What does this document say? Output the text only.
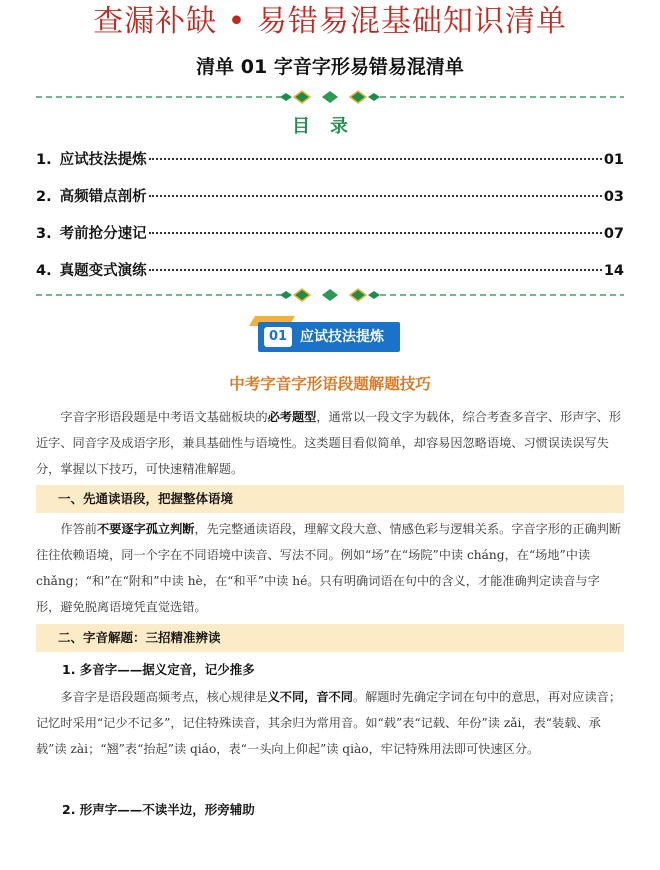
查漏补缺 • 易错易混基础知识清单
清单 01 字音字形易错易混清单
目录
1. 应试技法提炼	01
2. 高频错点剖析	03
3. 考前抢分速记	07
4. 真题变式演练	14
01 应试技法提炼
中考字音字形语段题解题技巧

字音字形语段题是中考语文基础板块的必考题型，通常以一段文字为载体，综合考查多音字、形声字、形近字、同音字及成语字形，兼具基础性与语境性。这类题目看似简单，却容易因忽略语境、习惯误读误写失分，掌握以下技巧，可快速精准解题。

一、先通读语段，把握整体语境

作答前不要逐字孤立判断，先完整通读语段，理解文段大意、情感色彩与逻辑关系。字音字形的正确判断往往依赖语境，同一个字在不同语境中读音、写法不同。例如“场”在“场院”中读 cháng，在“场地”中读 chǎng；“和”在“附和”中读 hè，在“和平”中读 hé。只有明确词语在句中的含义，才能准确判定读音与字形，避免脱离语境凭直觉选错。

二、字音解题：三招精准辨读
1. 多音字——据义定音，记少推多

多音字是语段题高频考点，核心规律是义不同，音不同。解题时先确定字词在句中的意思，再对应读音；记忆时采用“记少不记多”，记住特殊读音，其余归为常用音。如“载”表“记载、年份”读 zǎi，表“装载、承载”读 zài；“翘”表“抬起”读 qiáo，表“一头向上仰起”读 qiào，牢记特殊用法即可快速区分。

2. 形声字——不读半边，形旁辅助
